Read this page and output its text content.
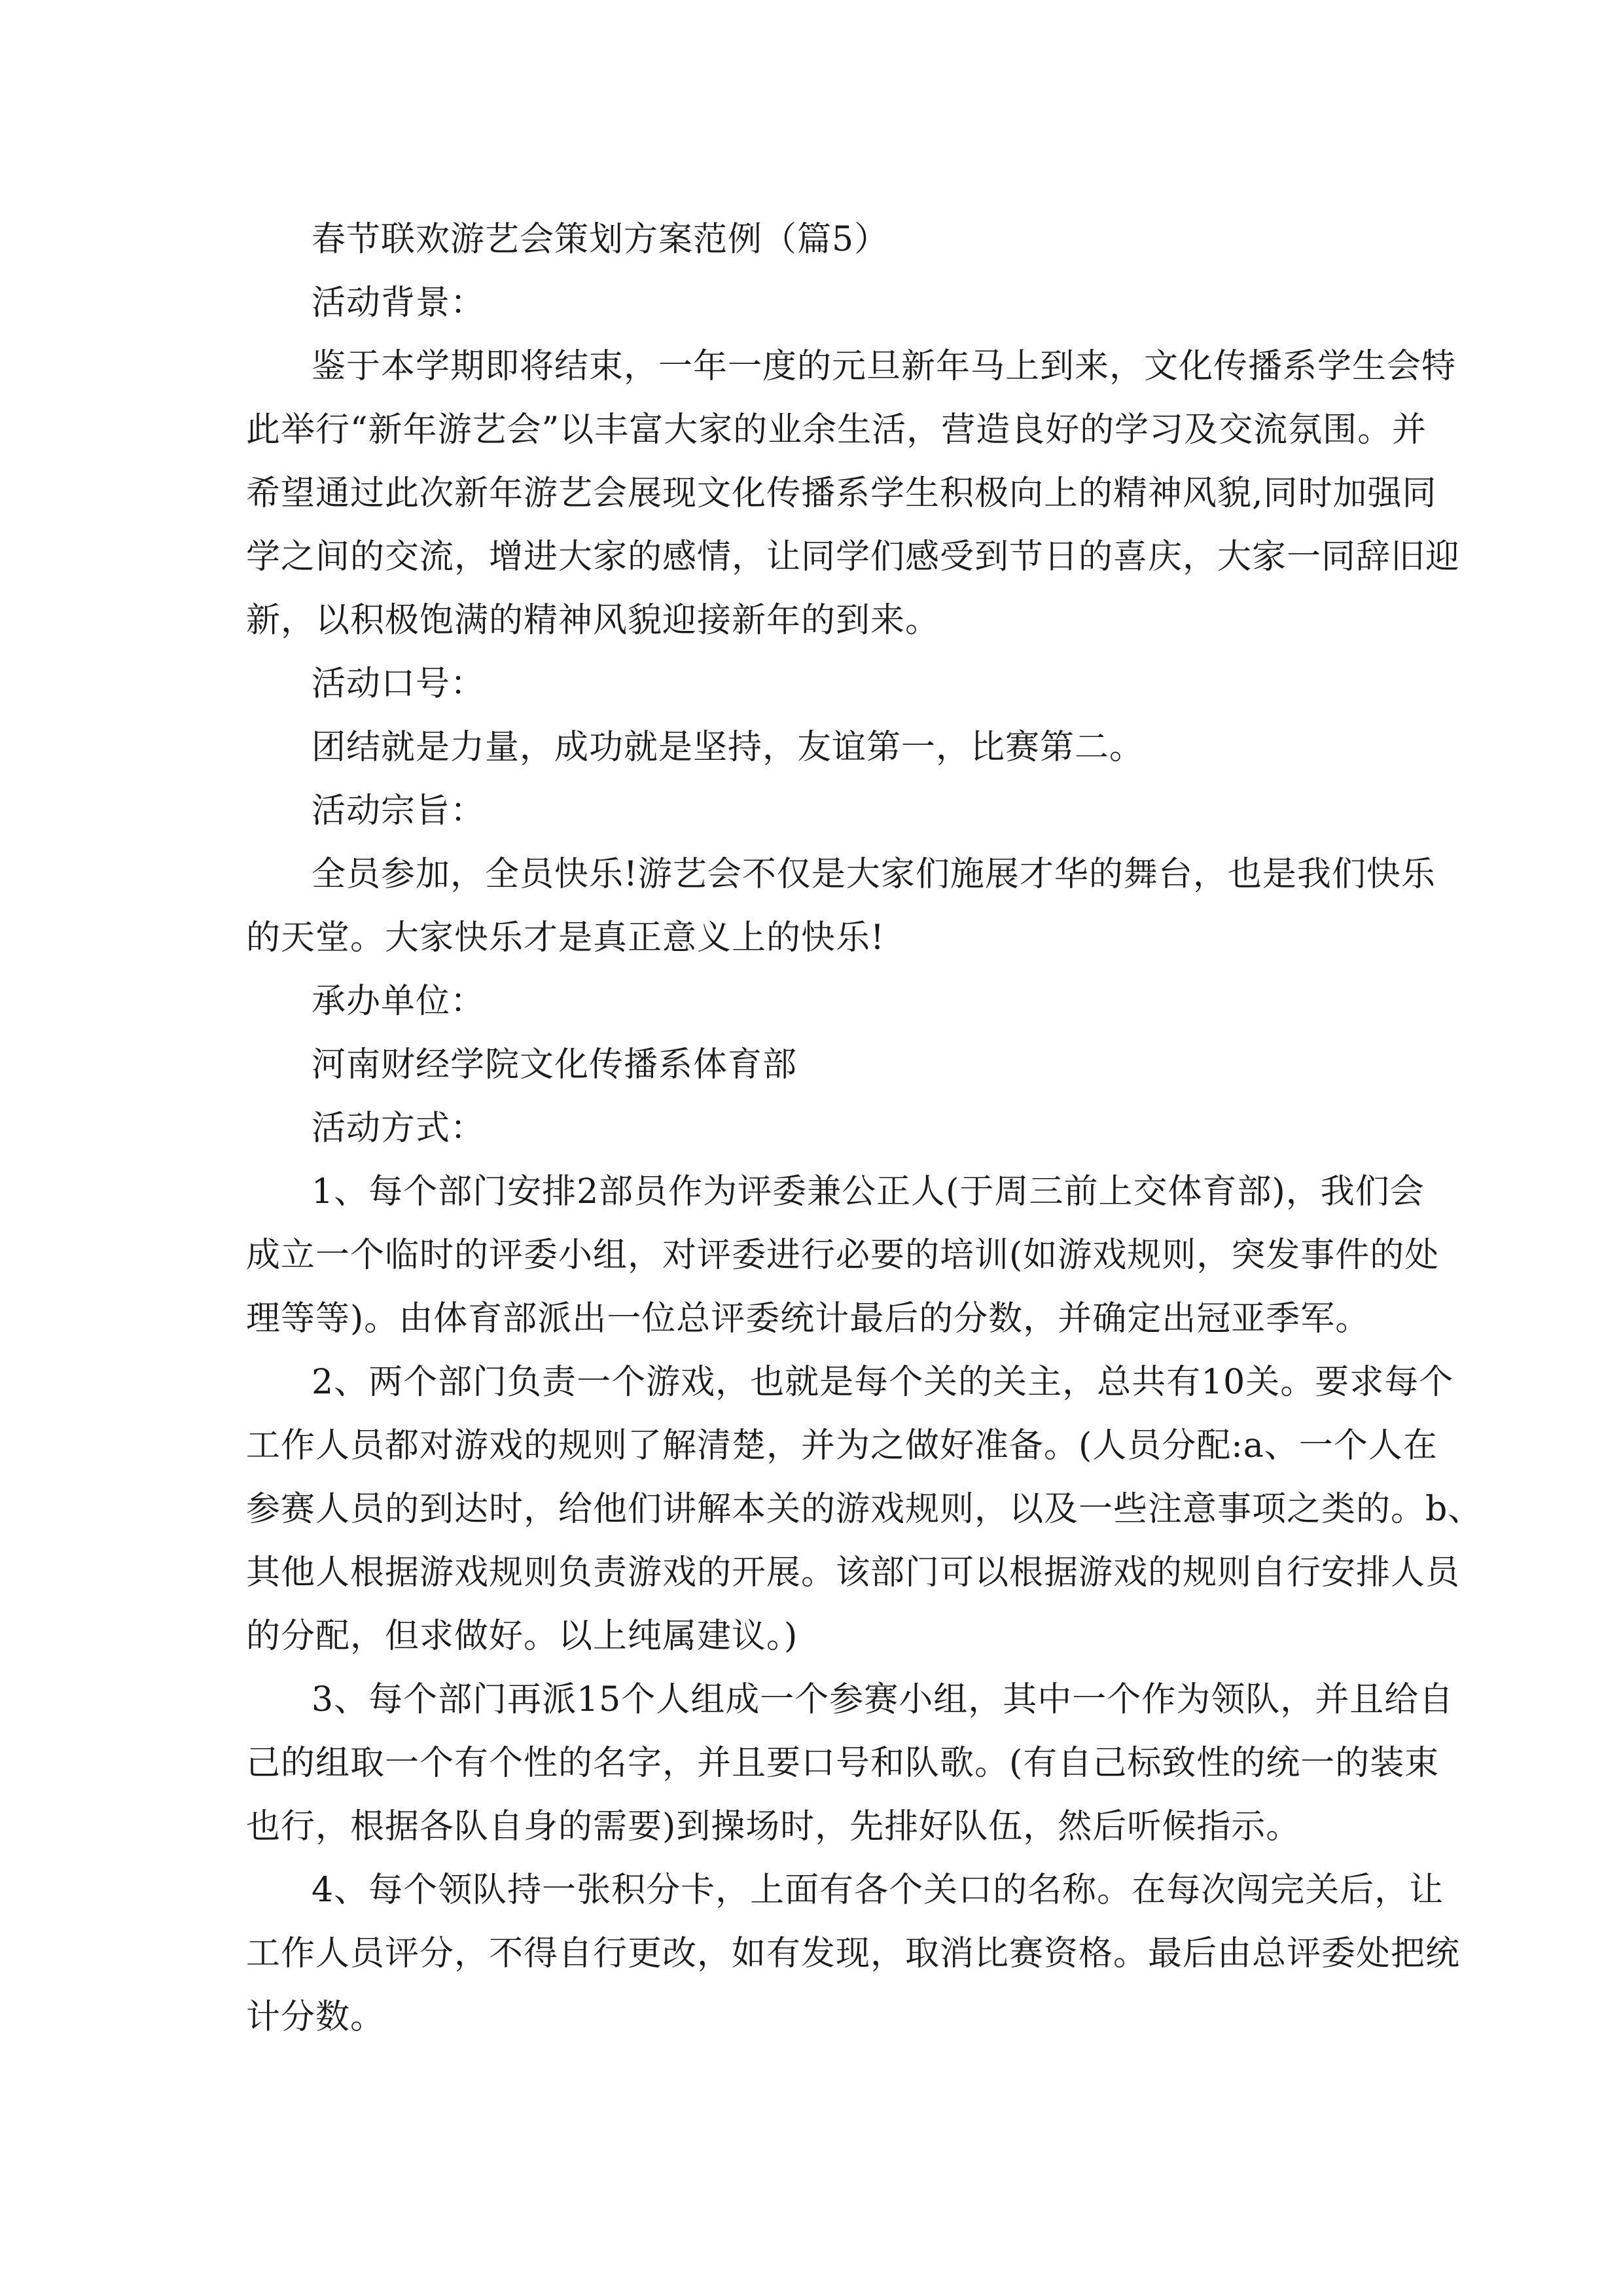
春节联欢游艺会策划方案范例（篇5）
活动背景：
鉴于本学期即将结束，一年一度的元旦新年马上到来，文化传播系学生会特
此举行“新年游艺会”以丰富大家的业余生活，营造良好的学习及交流氛围。并
希望通过此次新年游艺会展现文化传播系学生积极向上的精神风貌,同时加强同
学之间的交流，增进大家的感情，让同学们感受到节日的喜庆，大家一同辞旧迎
新，以积极饱满的精神风貌迎接新年的到来。
活动口号：
团结就是力量，成功就是坚持，友谊第一，比赛第二。
活动宗旨：
全员参加，全员快乐!游艺会不仅是大家们施展才华的舞台，也是我们快乐
的天堂。大家快乐才是真正意义上的快乐!
承办单位：
河南财经学院文化传播系体育部
活动方式：
1、每个部门安排2部员作为评委兼公正人(于周三前上交体育部)，我们会
成立一个临时的评委小组，对评委进行必要的培训(如游戏规则，突发事件的处
理等等)。由体育部派出一位总评委统计最后的分数，并确定出冠亚季军。
2、两个部门负责一个游戏，也就是每个关的关主，总共有10关。要求每个
工作人员都对游戏的规则了解清楚，并为之做好准备。(人员分配:a、一个人在
参赛人员的到达时，给他们讲解本关的游戏规则，以及一些注意事项之类的。b、
其他人根据游戏规则负责游戏的开展。该部门可以根据游戏的规则自行安排人员
的分配，但求做好。以上纯属建议。)
3、每个部门再派15个人组成一个参赛小组，其中一个作为领队，并且给自
己的组取一个有个性的名字，并且要口号和队歌。(有自己标致性的统一的装束
也行，根据各队自身的需要)到操场时，先排好队伍，然后听候指示。
4、每个领队持一张积分卡，上面有各个关口的名称。在每次闯完关后，让
工作人员评分，不得自行更改，如有发现，取消比赛资格。最后由总评委处把统
计分数。
